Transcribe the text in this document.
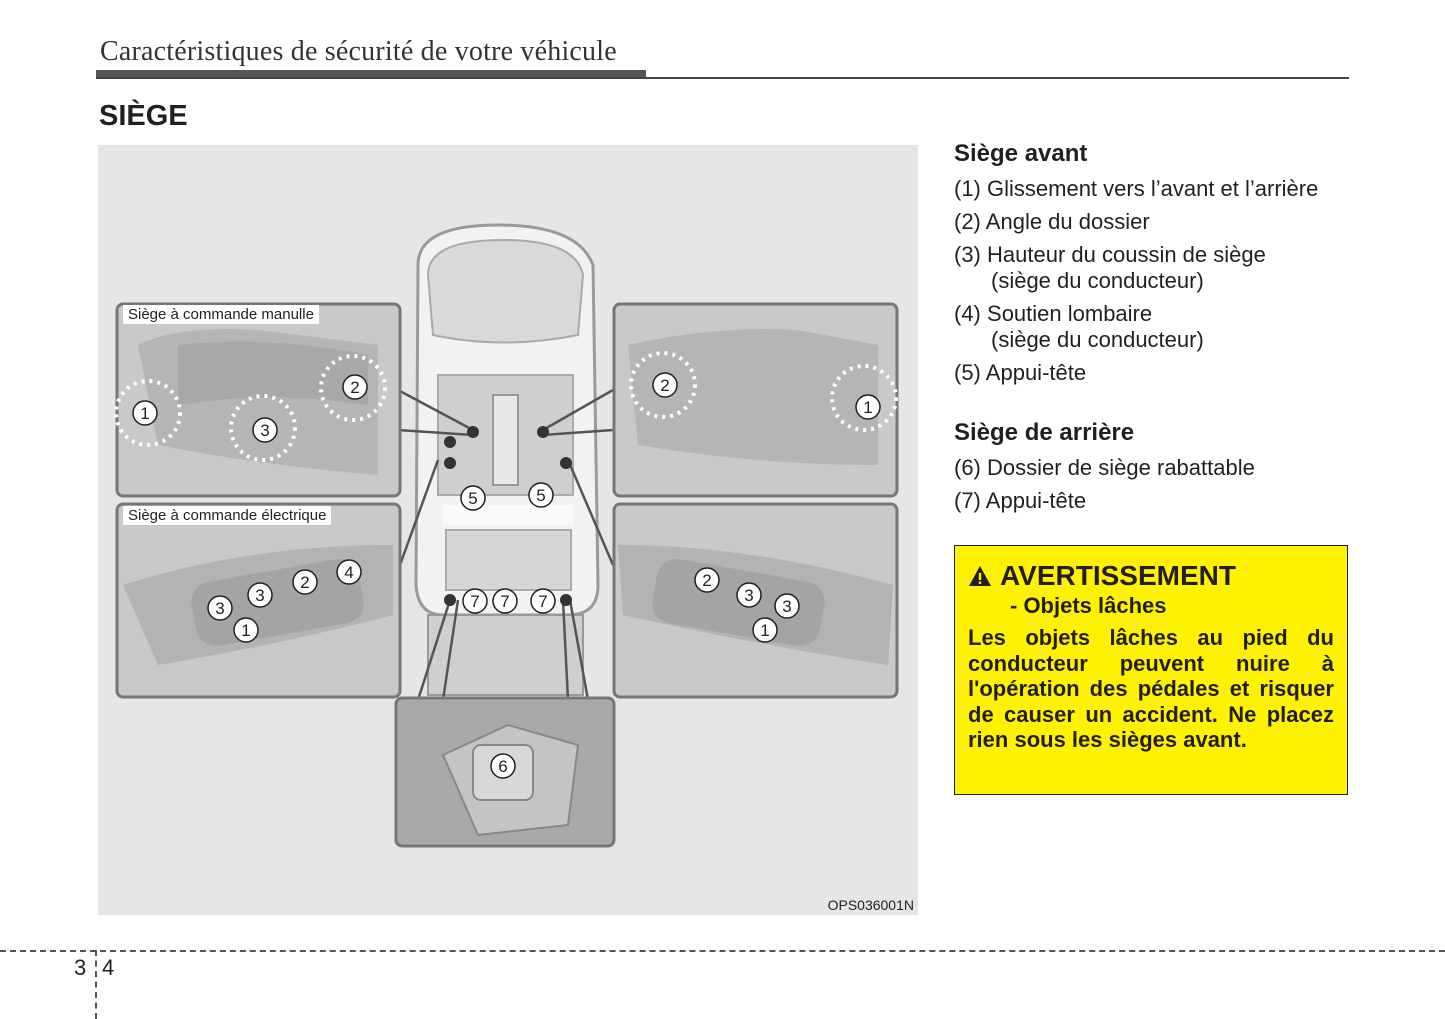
Caractéristiques de sécurité de votre véhicule
SIÈGE
1
2
3
2
1
3
3
2
4
1
2
3
3
1
5	5
7 7 7
6
Siège à commande manulle
Siège à commande électrique
OPS036001N
Siège avant
(1) Glissement vers l’avant et l’arrière
(2) Angle du dossier
(3) Hauteur du coussin de siège
(siège du conducteur)
(4) Soutien lombaire
(siège du conducteur)
(5) Appui-tête
Siège de arrière
(6) Dossier de siège rabattable
(7) Appui-tête
AVERTISSEMENT
- Objets lâches
Les objets lâches au pied du conducteur peuvent nuire à l'opération des pédales et risquer de causer un accident. Ne placez rien sous les sièges avant.
3 4
